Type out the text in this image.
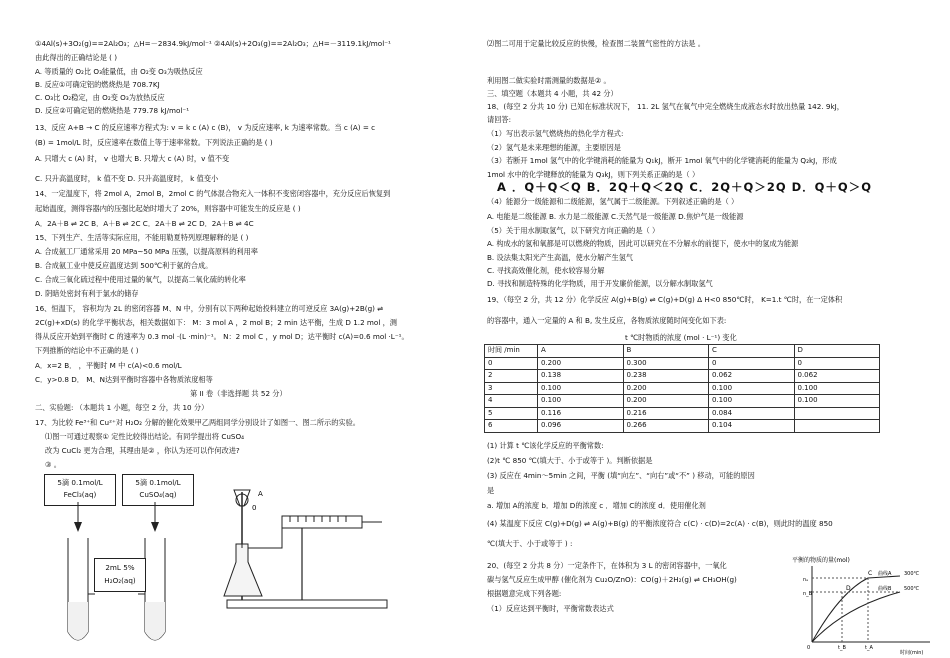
①4Al(s)+3O₂(g)==2Al₂O₃；△H=－2834.9kJ/mol⁻¹ ②4Al(s)+2O₃(g)==2Al₂O₃；△H=－3119.1kJ/mol⁻¹
由此得出的正确结论是 ( )
A. 等质量的 O₂比 O₃能量低，由 O₂变 O₃为吸热反应
B. 反应①可确定铝的燃烧热是 708.7KJ
C. O₃比 O₂稳定，由 O₂变 O₃为放热反应
D. 反应②可确定铝的燃烧热是 779.78 kJ/mol⁻¹
13、反应 A+B → C 的反应速率方程式为: v = k c (A) c (B)， v 为反应速率, k 为速率常数。当 c (A) = c
(B) = 1mol/L 时，反应速率在数值上等于速率常数。下列说法正确的是 ( )
A. 只增大 c (A) 时， v 也增大 B. 只增大 c (A) 时，v 值不变
C. 只升高温度时， k 值不变 D. 只升高温度时， k 值变小
14、一定温度下，将 2mol A，2mol B，2mol C 的气体混合物充入一体积不变密闭容器中，充分反应后恢复到
起始温度，测得容器内的压强比起始时增大了 20%，则容器中可能发生的反应是 ( )
A．2A＋B ⇌ 2C B．A＋B ⇌ 2C C．2A＋B ⇌ 2C D．2A＋B ⇌ 4C
15、下列生产、生活等实际应用，不能用勒夏特列原理解释的是 ( )
A. 合成氨工厂通常采用 20 MPa~50 MPa 压强，以提高原料的利用率
B. 合成氨工业中使反应温度达到 500℃利于氨的合成。
C. 合成三氧化硫过程中使用过量的氧气，以提高二氧化硫的转化率
D. 阴暗处密封有利于氯水的储存
16、恒温下， 容积均为 2L 的密闭容器 M、N 中，分别有以下两种起始投料建立的可逆反应 3A(g)+2B(g) ⇌
2C(g)+xD(s) 的化学平衡状态，相关数据如下： M：3 mol A ，2 mol B；2 min 达平衡，生成 D 1.2 mol ，测
得从反应开始到平衡时 C 的速率为 0.3 mol ·(L ·min)⁻¹。 N：2 mol C ，y mol D；达平衡时 c(A)=0.6 mol ·L⁻¹。
下列推断的结论中不正确的是 ( )
A．x=2 B． ，平衡时 M 中 c(A)<0.6 mol/L
C．y>0.8 D． M、N达到平衡时容器中各物质浓度相等
第 II 卷（非选择题 共 52 分）
二、实验题: （本题共 1 小题，每空 2 分，共 10 分）
17、为比较 Fe³⁺和 Cu²⁺对 H₂O₂ 分解的催化效果甲乙两组同学分别设计了如图一、图二所示的实验。
⑴图一可通过观察① 定性比较得出结论。有同学提出将 CuSO₄
改为 CuCl₂ 更为合理，其理由是② ，你认为还可以作何改进?
③ 。
5滴 0.1mol/L FeCl₃(aq)
5滴 0.1mol/L CuSO₄(aq)
2mL 5% H₂O₂(aq)
0
A
⑵图二可用于定量比较反应的快慢，检查图二装置气密性的方法是 。
利用图二做实验时需测量的数据是② 。
三、填空题（本题共 4 小题，共 42 分）
18、(每空 2 分共 10 分) 已知在标准状况下， 11. 2L 氢气在氧气中完全燃烧生成液态水时放出热量 142. 9kJ，
请回答:
（1）写出表示氢气燃烧热的热化学方程式:
（2）氢气是未来理想的能源，主要原因是
（3）若断开 1mol 氢气中的化学键消耗的能量为 Q₁kJ，断开 1mol 氧气中的化学键消耗的能量为 Q₂kJ，形成
1mol 水中的化学键释放的能量为 Q₃kJ，则下列关系正确的是（ ）
A ．Q＋Q＜Q B．2Q＋Q＜2Q C．2Q＋Q＞2Q D．Q＋Q＞Q
（4）能源分一级能源和二级能源，氢气属于二级能源。下列叙述正确的是（ ）
A. 电能是二级能源 B. 水力是二级能源 C.天然气是一级能源 D.焦炉气是一级能源
（5）关于用水制取氢气，以下研究方向正确的是（ ）
A. 构成水的氢和氧都是可以燃烧的物质，因此可以研究在不分解水的前提下，使水中的氢成为能源
B. 设法集太阳光产生高温，使水分解产生氢气
C. 寻找高效催化剂，使水较容易分解
D. 寻找和制造特殊的化学物质，用于开发廉价能源，以分解水制取氢气
19、（每空 2 分，共 12 分）化学反应 A(g)+B(g) ⇌ C(g)+D(g) Δ H<0 850℃时， K=1.t ℃时，在一定体积
的容器中，通入一定量的 A 和 B, 发生反应，各物质浓度随时间变化如下表:
t ℃时物质的浓度 (mol · L⁻¹) 变化
时间 /min	A	B	C	D
0	0.200	0.300	0	0
2	0.138	0.238	0.062	0.062
3	0.100	0.200	0.100	0.100
4	0.100	0.200	0.100	0.100
5	0.116	0.216	0.084	
6	0.096	0.266	0.104	
(1) 计算 t ℃该化学反应的平衡常数:
(2)t ℃ 850 ℃(填大于、小于或等于 )。判断依据是
(3) 反应在 4min～5min 之间，平衡 (填“向左”、“向右”或“不” ) 移动，可能的原因
是
a. 增加 A的浓度 b．增加 D的浓度 c ．增加 C的浓度 d．使用催化剂
(4) 某温度下反应 C(g)+D(g) ⇌ A(g)+B(g) 的平衡浓度符合 c(C) · c(D)=2c(A) · c(B)，则此时的温度 850
℃(填大于、小于或等于 ) :
20、(每空 2 分共 8 分）一定条件下，在体积为 3 L 的密闭容器中，一氧化
碳与氢气反应生成甲醇 (催化剂为 Cu₂O/ZnO)：CO(g)＋2H₂(g) ⇌ CH₃OH(g)
根据题意完成下列各题:
（1）反应达到平衡时，平衡常数表达式
平衡的物质的量(mol)
C
D
曲线A	300℃
曲线B	500℃
nₐ
n_B
t_B	t_A
0
时间(min)
